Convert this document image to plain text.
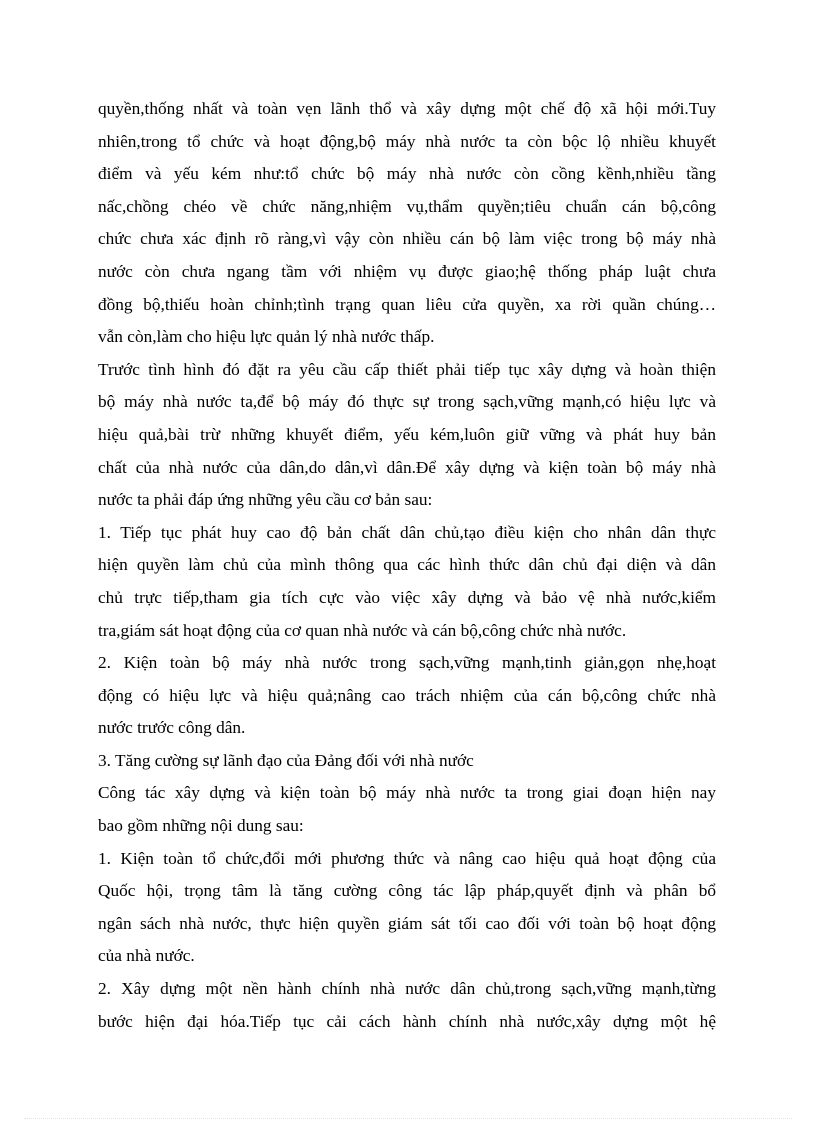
quyền,thống nhất và toàn vẹn lãnh thổ và xây dựng một chế độ xã hội mới.Tuy
nhiên,trong tổ chức và hoạt động,bộ máy nhà nước ta còn bộc lộ nhiều khuyết
điểm và yếu kém như:tổ chức bộ máy nhà nước còn cồng kềnh,nhiều tầng
nấc,chồng chéo về chức năng,nhiệm vụ,thẩm quyền;tiêu chuẩn cán bộ,công
chức chưa xác định rõ ràng,vì vậy còn nhiều cán bộ làm việc trong bộ máy nhà
nước còn chưa ngang tầm với nhiệm vụ được giao;hệ thống pháp luật chưa
đồng bộ,thiếu hoàn chỉnh;tình trạng quan liêu cửa quyền, xa rời quần chúng…
vẫn còn,làm cho hiệu lực quản lý nhà nước thấp.
Trước tình hình đó đặt ra yêu cầu cấp thiết phải tiếp tục xây dựng và hoàn thiện
bộ máy nhà nước ta,để bộ máy đó thực sự trong sạch,vững mạnh,có hiệu lực và
hiệu quả,bài trừ những khuyết điểm, yếu kém,luôn giữ vững và phát huy bản
chất của nhà nước của dân,do dân,vì dân.Để xây dựng và kiện toàn bộ máy nhà
nước ta phải đáp ứng những yêu cầu cơ bản sau:
1. Tiếp tục phát huy cao độ bản chất dân chủ,tạo điều kiện cho nhân dân thực
hiện quyền làm chủ của mình thông qua các hình thức dân chủ đại diện và dân
chủ trực tiếp,tham gia tích cực vào việc xây dựng và bảo vệ nhà nước,kiểm
tra,giám sát hoạt động của cơ quan nhà nước và cán bộ,công chức nhà nước.
2. Kiện toàn bộ máy nhà nước trong sạch,vững mạnh,tinh giản,gọn nhẹ,hoạt
động có hiệu lực và hiệu quả;nâng cao trách nhiệm của cán bộ,công chức nhà
nước trước công dân.
3. Tăng cường sự lãnh đạo của Đảng đối với nhà nước
Công tác xây dựng và kiện toàn bộ máy nhà nước ta trong giai đoạn hiện nay
bao gồm những nội dung sau:
1. Kiện toàn tổ chức,đổi mới phương thức và nâng cao hiệu quả hoạt động của
Quốc hội, trọng tâm là tăng cường công tác lập pháp,quyết định và phân bổ
ngân sách nhà nước, thực hiện quyền giám sát tối cao đối với toàn bộ hoạt động
của nhà nước.
2. Xây dựng một nền hành chính nhà nước dân chủ,trong sạch,vững mạnh,từng
bước hiện đại hóa.Tiếp tục cải cách hành chính nhà nước,xây dựng một hệ
